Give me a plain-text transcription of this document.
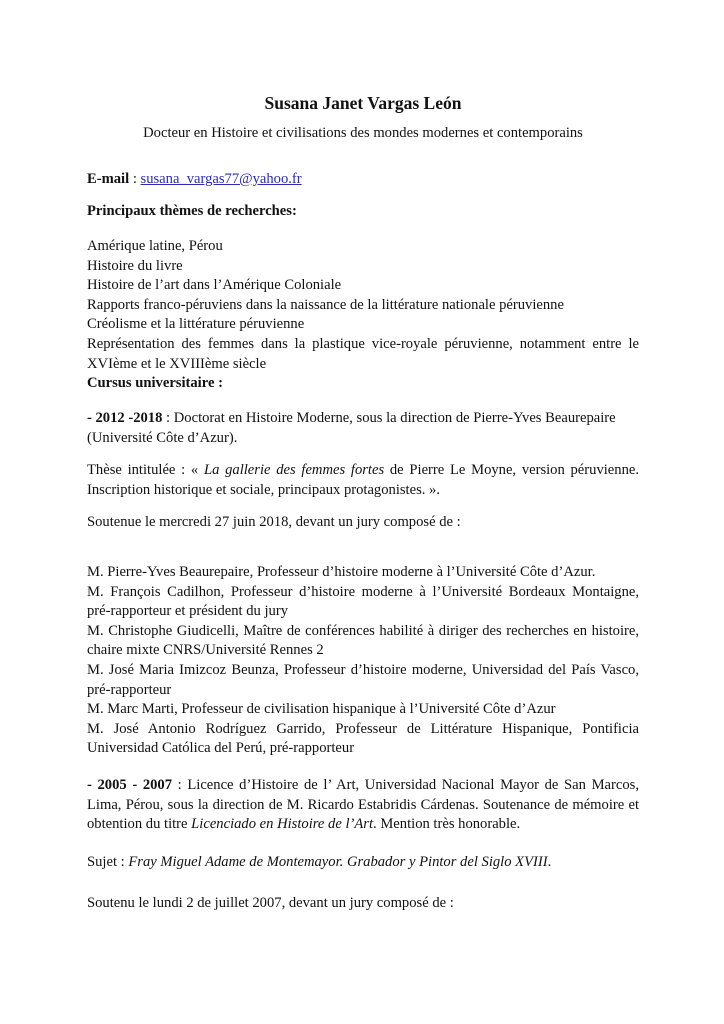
Susana Janet Vargas León
Docteur en Histoire et civilisations des mondes modernes et contemporains
E-mail : susana_vargas77@yahoo.fr
Principaux thèmes de recherches:
Amérique latine, Pérou
Histoire du livre
Histoire de l’art dans l’Amérique Coloniale
Rapports franco-péruviens dans la naissance de la littérature nationale péruvienne
Créolisme et la littérature péruvienne
Représentation des femmes dans la plastique vice-royale péruvienne, notamment entre le
XVIème et le XVIIIème siècle
Cursus universitaire :
- 2012 -2018 : Doctorat en Histoire Moderne, sous la direction de Pierre-Yves Beaurepaire
(Université Côte d’Azur).
Thèse intitulée : « La gallerie des femmes fortes de Pierre Le Moyne, version péruvienne.
Inscription historique et sociale, principaux protagonistes. ».
Soutenue le mercredi 27 juin 2018, devant un jury composé de :
M. Pierre-Yves Beaurepaire, Professeur d’histoire moderne à l’Université Côte d’Azur.
M. François Cadilhon, Professeur d’histoire moderne à l’Université Bordeaux Montaigne,
pré-rapporteur et président du jury
M. Christophe Giudicelli, Maître de conférences habilité à diriger des recherches en histoire,
chaire mixte CNRS/Université Rennes 2
M. José Maria Imizcoz Beunza, Professeur d’histoire moderne, Universidad del País Vasco,
pré-rapporteur
M. Marc Marti, Professeur de civilisation hispanique à l’Université Côte d’Azur
M. José Antonio Rodríguez Garrido, Professeur de Littérature Hispanique, Pontificia
Universidad Católica del Perú, pré-rapporteur
- 2005 - 2007 : Licence d’Histoire de l’ Art, Universidad Nacional Mayor de San Marcos,
Lima, Pérou, sous la direction de M. Ricardo Estabridis Cárdenas. Soutenance de mémoire et
obtention du titre Licenciado en Histoire de l’Art. Mention très honorable.
Sujet : Fray Miguel Adame de Montemayor. Grabador y Pintor del Siglo XVIII.
Soutenu le lundi 2 de juillet 2007, devant un jury composé de :
